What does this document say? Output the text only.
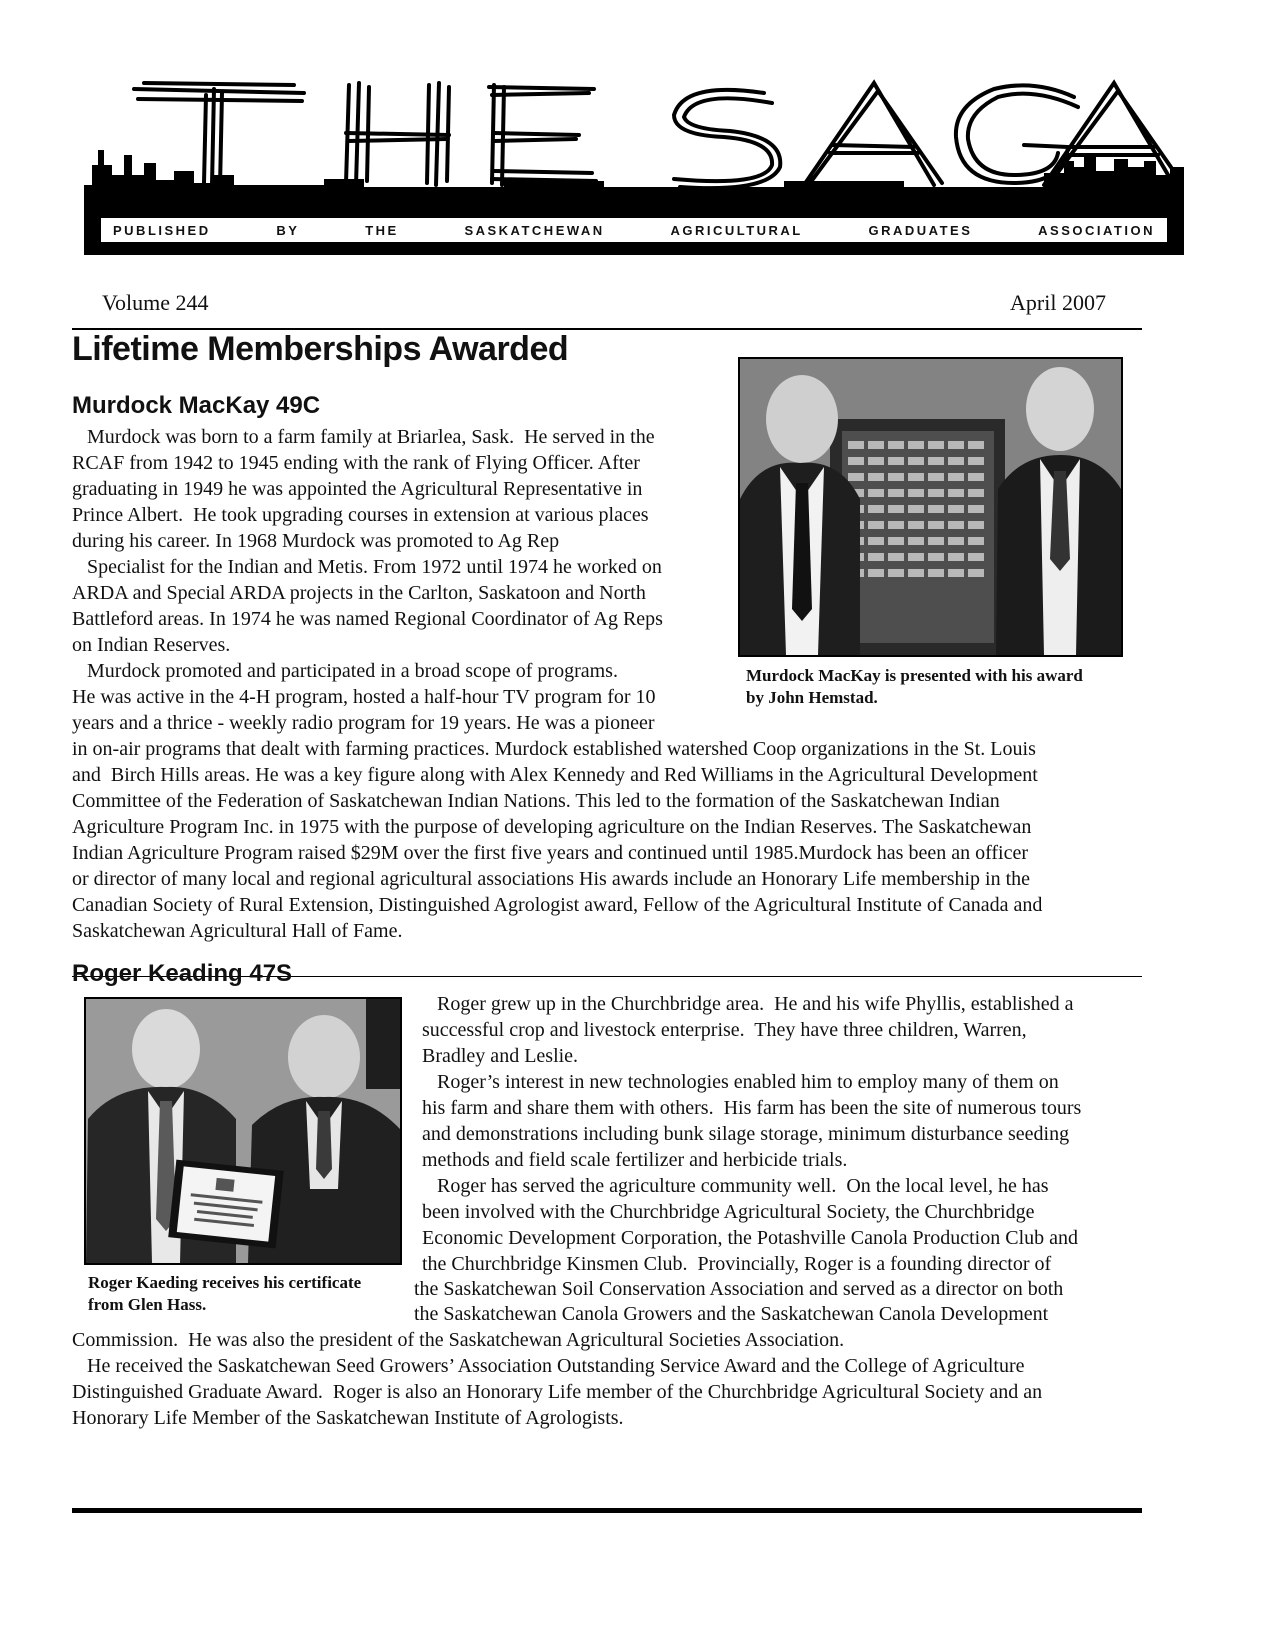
PUBLISHED	BY	THE	SASKATCHEWAN	AGRICULTURAL	GRADUATES	ASSOCIATION
Volume 244	April 2007
Lifetime Memberships Awarded
Murdock MacKay 49C
Murdock was born to a farm family at Briarlea, Sask.  He served in the
RCAF from 1942 to 1945 ending with the rank of Flying Officer. After
graduating in 1949 he was appointed the Agricultural Representative in
Prince Albert.  He took upgrading courses in extension at various places
during his career. In 1968 Murdock was promoted to Ag Rep
Specialist for the Indian and Metis. From 1972 until 1974 he worked on
ARDA and Special ARDA projects in the Carlton, Saskatoon and North
Battleford areas. In 1974 he was named Regional Coordinator of Ag Reps
on Indian Reserves.
Murdock promoted and participated in a broad scope of programs.
He was active in the 4-H program, hosted a half-hour TV program for 10
years and a thrice - weekly radio program for 19 years. He was a pioneer
in on-air programs that dealt with farming practices. Murdock established watershed Coop organizations in the St. Louis
and  Birch Hills areas. He was a key figure along with Alex Kennedy and Red Williams in the Agricultural Development
Committee of the Federation of Saskatchewan Indian Nations. This led to the formation of the Saskatchewan Indian
Agriculture Program Inc. in 1975 with the purpose of developing agriculture on the Indian Reserves. The Saskatchewan
Indian Agriculture Program raised $29M over the first five years and continued until 1985.Murdock has been an officer
or director of many local and regional agricultural associations His awards include an Honorary Life membership in the
Canadian Society of Rural Extension, Distinguished Agrologist award, Fellow of the Agricultural Institute of Canada and
Saskatchewan Agricultural Hall of Fame.
Murdock MacKay is presented with his award
by John Hemstad.
Roger Keading 47S
Roger Kaeding receives his certificate
from Glen Hass.
Roger grew up in the Churchbridge area.  He and his wife Phyllis, established a
successful crop and livestock enterprise.  They have three children, Warren,
Bradley and Leslie.
Roger’s interest in new technologies enabled him to employ many of them on
his farm and share them with others.  His farm has been the site of numerous tours
and demonstrations including bunk silage storage, minimum disturbance seeding
methods and field scale fertilizer and herbicide trials.
Roger has served the agriculture community well.  On the local level, he has
been involved with the Churchbridge Agricultural Society, the Churchbridge
Economic Development Corporation, the Potashville Canola Production Club and
the Churchbridge Kinsmen Club.  Provincially, Roger is a founding director of
the Saskatchewan Soil Conservation Association and served as a director on both
the Saskatchewan Canola Growers and the Saskatchewan Canola Development
Commission.  He was also the president of the Saskatchewan Agricultural Societies Association.
He received the Saskatchewan Seed Growers’ Association Outstanding Service Award and the College of Agriculture
Distinguished Graduate Award.  Roger is also an Honorary Life member of the Churchbridge Agricultural Society and an
Honorary Life Member of the Saskatchewan Institute of Agrologists.
